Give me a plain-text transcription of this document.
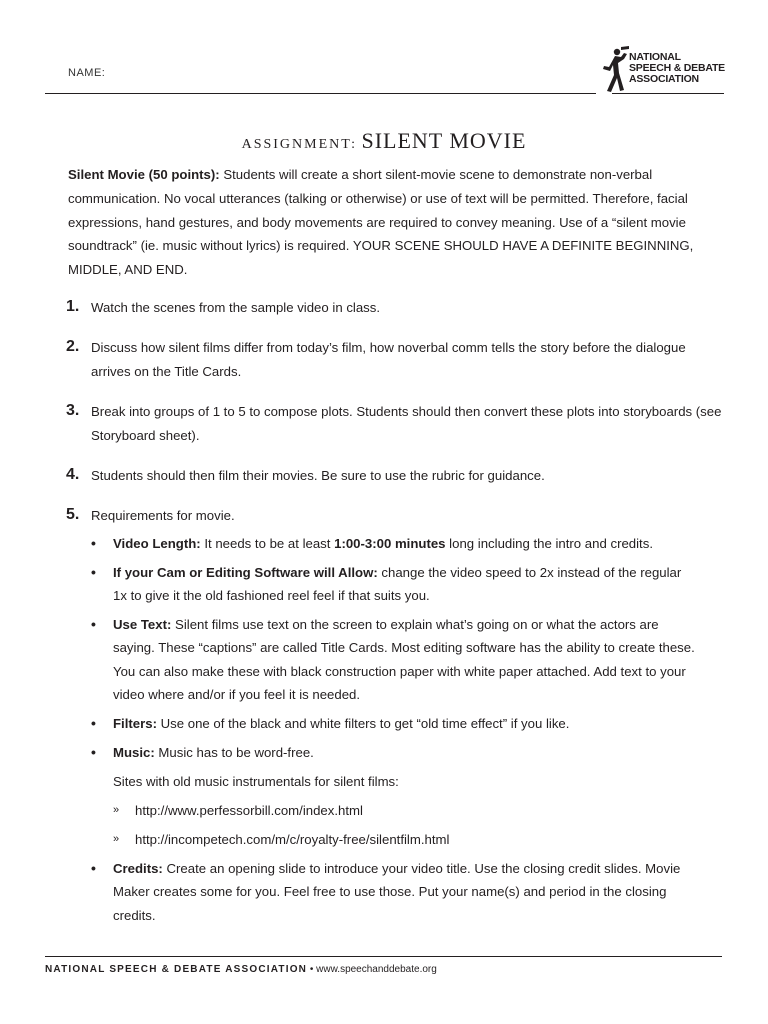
NAME:
NATIONAL
SPEECH & DEBATE
ASSOCIATION
ASSIGNMENT: SILENT MOVIE
Silent Movie (50 points): Students will create a short silent-movie scene to demonstrate non-verbal communication. No vocal utterances (talking or otherwise) or use of text will be permitted. Therefore, facial expressions, hand gestures, and body movements are required to convey meaning. Use of a “silent movie soundtrack” (ie. music without lyrics) is required. YOUR SCENE SHOULD HAVE A DEFINITE BEGINNING, MIDDLE, AND END.
1. Watch the scenes from the sample video in class.
2. Discuss how silent films differ from today’s film, how noverbal comm tells the story before the dialogue arrives on the Title Cards.
3. Break into groups of 1 to 5 to compose plots. Students should then convert these plots into storyboards (see Storyboard sheet).
4. Students should then film their movies. Be sure to use the rubric for guidance.
5. Requirements for movie.
• Video Length: It needs to be at least 1:00-3:00 minutes long including the intro and credits.
• If your Cam or Editing Software will Allow: change the video speed to 2x instead of the regular 1x to give it the old fashioned reel feel if that suits you.
• Use Text: Silent films use text on the screen to explain what’s going on or what the actors are saying. These “captions” are called Title Cards. Most editing software has the ability to create these. You can also make these with black construction paper with white paper attached. Add text to your video where and/or if you feel it is needed.
• Filters: Use one of the black and white filters to get “old time effect” if you like.
• Music: Music has to be word-free.
Sites with old music instrumentals for silent films:
» http://www.perfessorbill.com/index.html
» http://incompetech.com/m/c/royalty-free/silentfilm.html
• Credits: Create an opening slide to introduce your video title. Use the closing credit slides. Movie Maker creates some for you. Feel free to use those. Put your name(s) and period in the closing credits.
NATIONAL SPEECH & DEBATE ASSOCIATION • www.speechanddebate.org
